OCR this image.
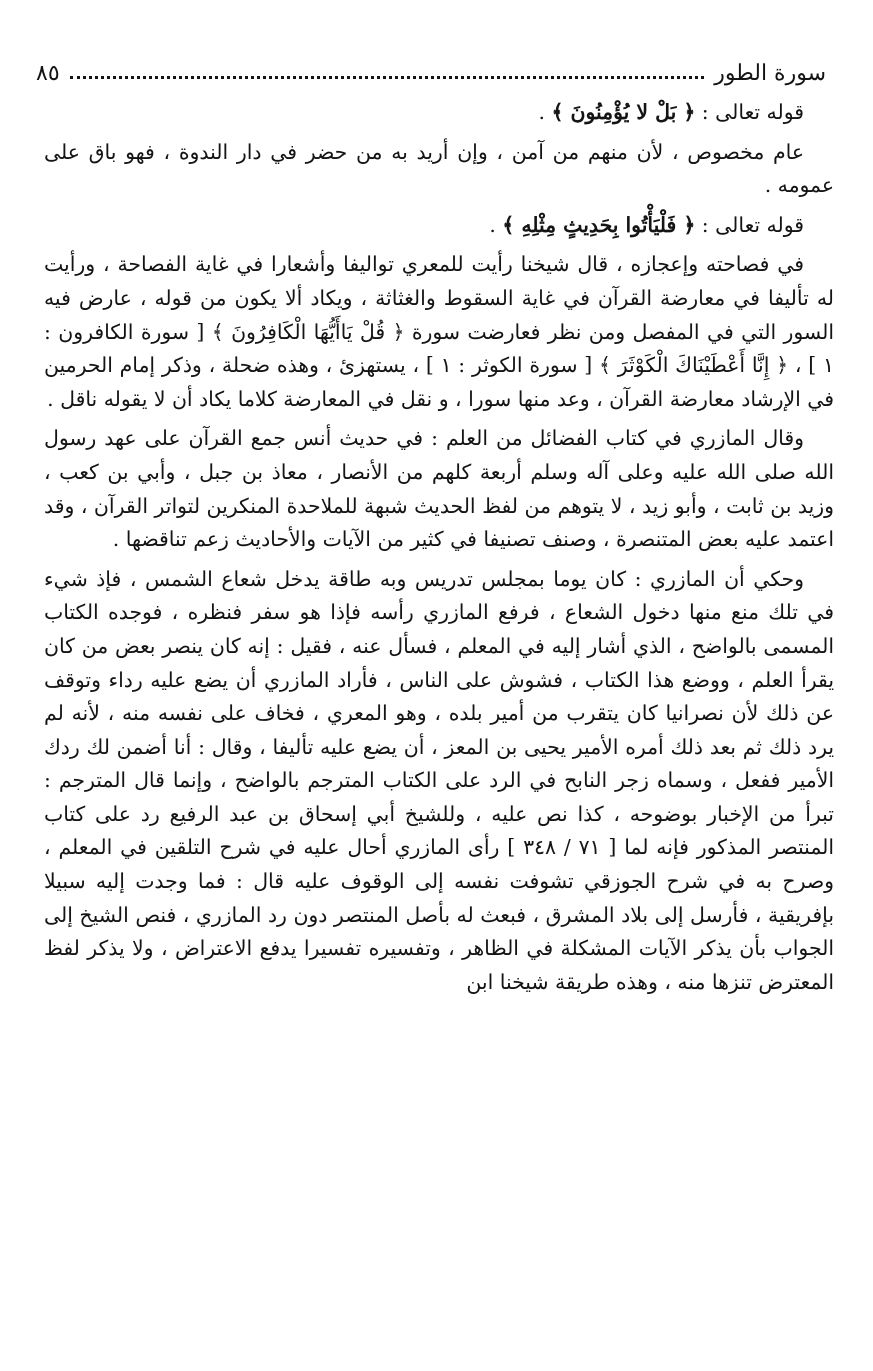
سورة الطور
٨٥

قوله تعالى : ﴿ بَلْ لا يُؤْمِنُونَ ﴾ .

عام مخصوص ، لأن منهم من آمن ، وإن أريد به من حضر في دار الندوة ، فهو باق على عمومه .

قوله تعالى : ﴿ فَلْيَأْتُوا بِحَدِيثٍ مِثْلِهِ ﴾ .

في فصاحته وإعجازه ، قال شيخنا رأيت للمعري تواليفا وأشعارا في غاية الفصاحة ، ورأيت له تأليفا في معارضة القرآن في غاية السقوط والغثاثة ، ويكاد ألا يكون من قوله ، عارض فيه السور التي في المفصل ومن نظر فعارضت سورة ﴿ قُلْ يَاأَيُّهَا الْكَافِرُونَ ﴾ [ سورة الكافرون : ١ ] ، ﴿ إِنَّا أَعْطَيْنَاكَ الْكَوْثَرَ ﴾ [ سورة الكوثر : ١ ] ، يستهزئ ، وهذه ضحلة ، وذكر إمام الحرمين في الإرشاد معارضة القرآن ، وعد منها سورا ، و نقل في المعارضة كلاما يكاد أن لا يقوله ناقل .

وقال المازري في كتاب الفضائل من العلم : في حديث أنس جمع القرآن على عهد رسول الله صلى الله عليه وعلى آله وسلم أربعة كلهم من الأنصار ، معاذ بن جبل ، وأبي بن كعب ، وزيد بن ثابت ، وأبو زيد ، لا يتوهم من لفظ الحديث شبهة للملاحدة المنكرين لتواتر القرآن ، وقد اعتمد عليه بعض المتنصرة ، وصنف تصنيفا في كثير من الآيات والأحاديث زعم تناقضها .

وحكي أن المازري : كان يوما بمجلس تدريس وبه طاقة يدخل شعاع الشمس ، فإذ شيء في تلك منع منها دخول الشعاع ، فرفع المازري رأسه فإذا هو سفر فنظره ، فوجده الكتاب المسمى بالواضح ، الذي أشار إليه في المعلم ، فسأل عنه ، فقيل : إنه كان ينصر بعض من كان يقرأ العلم ، ووضع هذا الكتاب ، فشوش على الناس ، فأراد المازري أن يضع عليه رداء وتوقف عن ذلك لأن نصرانيا كان يتقرب من أمير بلده ، وهو المعري ، فخاف على نفسه منه ، لأنه لم يرد ذلك ثم بعد ذلك أمره الأمير يحيى بن المعز ، أن يضع عليه تأليفا ، وقال : أنا أضمن لك ردك الأمير ففعل ، وسماه زجر النابح في الرد على الكتاب المترجم بالواضح ، وإنما قال المترجم : تبرأ من الإخبار بوضوحه ، كذا نص عليه ، وللشيخ أبي إسحاق بن عبد الرفيع رد على كتاب المنتصر المذكور فإنه لما [ ٧١ / ٣٤٨ ] رأى المازري أحال عليه في شرح التلقين في المعلم ، وصرح به في شرح الجوزقي تشوفت نفسه إلى الوقوف عليه قال : فما وجدت إليه سبيلا بإفريقية ، فأرسل إلى بلاد المشرق ، فبعث له بأصل المنتصر دون رد المازري ، فنص الشيخ إلى الجواب بأن يذكر الآيات المشكلة في الظاهر ، وتفسيره تفسيرا يدفع الاعتراض ، ولا يذكر لفظ المعترض تنزها منه ، وهذه طريقة شيخنا ابن
